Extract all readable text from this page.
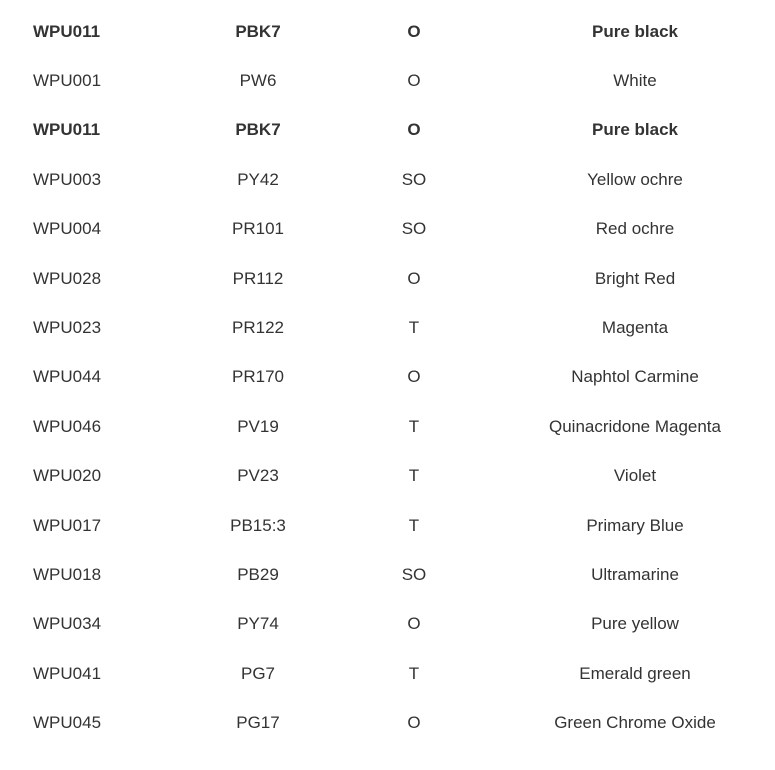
WPU011	PBK7	O	Pure black
WPU001	PW6	O	White
WPU011	PBK7	O	Pure black
WPU003	PY42	SO	Yellow ochre
WPU004	PR101	SO	Red ochre
WPU028	PR112	O	Bright Red
WPU023	PR122	T	Magenta
WPU044	PR170	O	Naphtol Carmine
WPU046	PV19	T	Quinacridone Magenta
WPU020	PV23	T	Violet
WPU017	PB15:3	T	Primary Blue
WPU018	PB29	SO	Ultramarine
WPU034	PY74	O	Pure yellow
WPU041	PG7	T	Emerald green
WPU045	PG17	O	Green Chrome Oxide
